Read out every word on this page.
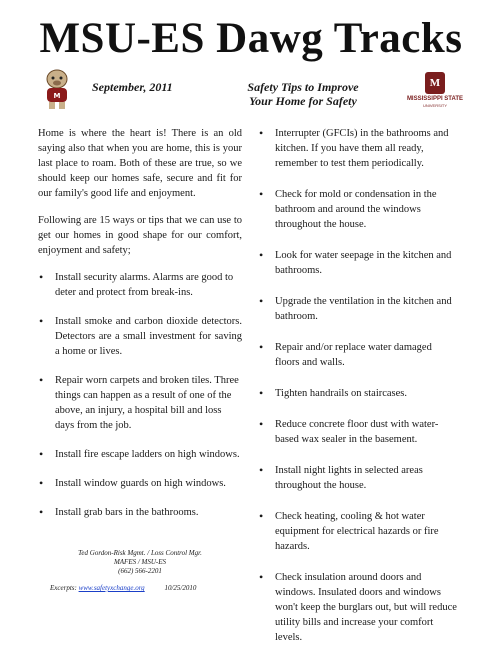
MSU-ES Dawg Tracks
M
September, 2011	Safety Tips to Improve
Your Home for Safety
M
MISSISSIPPI STATE
UNIVERSITY

Home is where the heart is! There is an old saying also that when you are home, this is your last place to roam. Both of these are true, so we should keep our homes safe, secure and fit for our family's good life and enjoyment.

Following are 15 ways or tips that we can use to get our homes in good shape for our comfort, enjoyment and safety;

• Install security alarms. Alarms are good to deter and protect from break-ins.
• Install smoke and carbon dioxide detectors. Detectors are a small investment for saving a home or lives.
• Repair worn carpets and broken tiles. Three things can happen as a result of one of the above, an injury, a hospital bill and loss days from the job.
• Install fire escape ladders on high windows.
• Install window guards on high windows.
• Install grab bars in the bathrooms.
• Interrupter (GFCIs) in the bathrooms and kitchen. If you have them all ready, remember to test them periodically.
• Check for mold or condensation in the bathroom and around the windows throughout the house.
• Look for water seepage in the kitchen and bathrooms.
• Upgrade the ventilation in the kitchen and bathroom.
• Repair and/or replace water damaged floors and walls.
• Tighten handrails on staircases.
• Reduce concrete floor dust with water-based wax sealer in the basement.
• Install night lights in selected areas throughout the house.
• Check heating, cooling & hot water equipment for electrical hazards or fire hazards.
• Check insulation around doors and windows. Insulated doors and windows won't keep the burglars out, but will reduce utility bills and increase your comfort levels.
Ted Gordon-Risk Mgmt. / Loss Control Mgr.
MAFES / MSU-ES
(662) 566-2201
Excerpts: www.safetyxchange.org	10/25/2010
